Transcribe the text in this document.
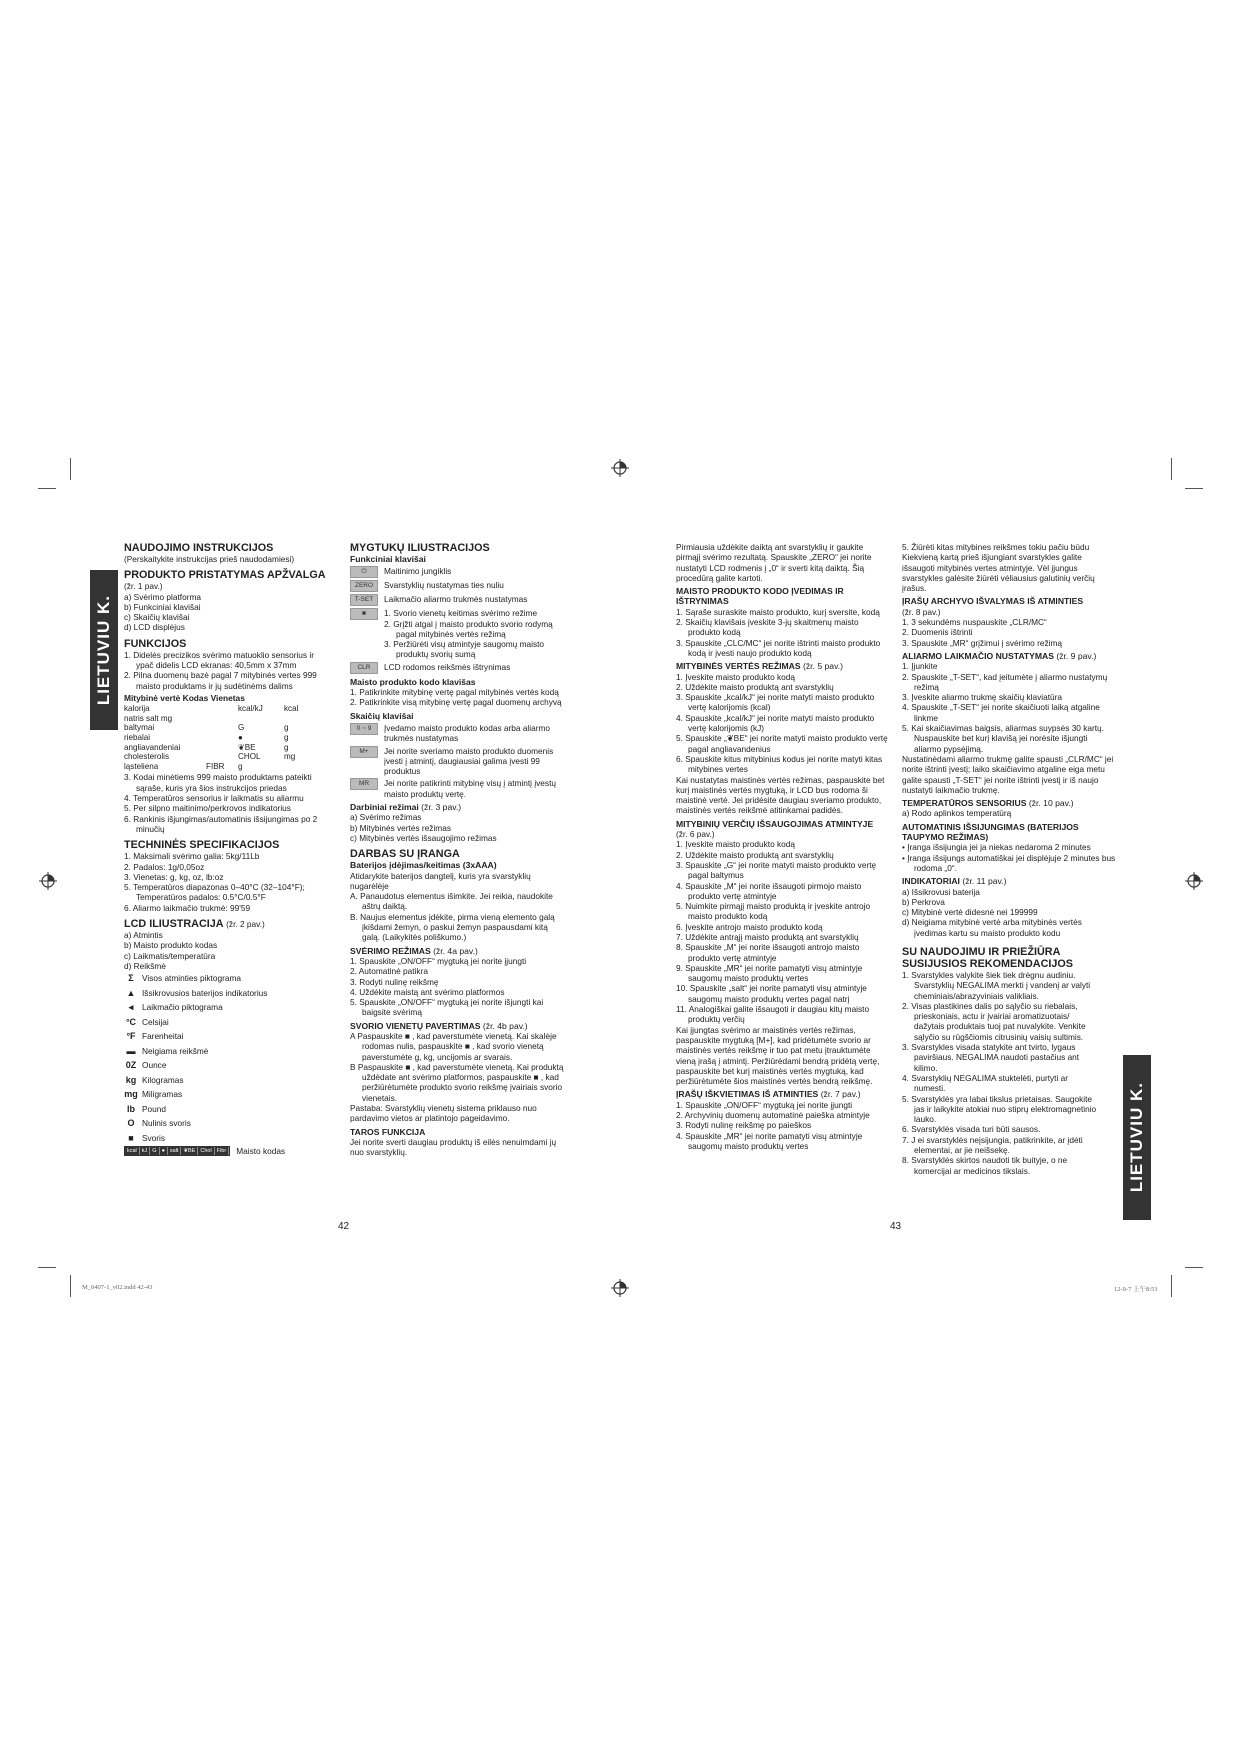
LIETUVIU K.
LIETUVIU K.
NAUDOJIMO INSTRUKCIJOS
(Perskaitykite instrukcijas prieš naudodamiesi)
PRODUKTO PRISTATYMAS APŽVALGA
(žr. 1 pav.)
a) Svėrimo platforma
b) Funkciniai klavišai
c) Skaičių klavišai
d) LCD displėjus
FUNKCIJOS
1. Didelės precizikos svėrimo matuoklio sensorius ir ypač didelis LCD ekranas: 40,5mm x 37mm
2. Pilna duomenų bazė pagal 7 mitybinės vertes 999 maisto produktams ir jų sudėtinėms dalims
Mitybinė vertė Kodas Vienetas
kalorija		kcal/kJ	kcal
natris salt mg			
baltymai		G	g
riebalai		●	g
angliavandeniai		❦BE	g
cholesterolis		CHOL	mg
ląsteliena	FIBR	g	
3. Kodai minėtiems 999 maisto produktams pateikti sąraše, kuris yra šios instrukcijos priedas
4. Temperatūros sensorius ir laikmatis su aliarmu
5. Per silpno maitinimo/perkrovos indikatorius
6. Rankinis išjungimas/automatinis išsijungimas po 2 minučių
TECHNINĖS SPECIFIKACIJOS
1. Maksimali svėrimo galia: 5kg/11Lb
2. Padalos: 1g/0,05oz
3. Vienetas: g, kg, oz, lb:oz
5. Temperatūros diapazonas 0–40°C (32–104°F); Temperatūros padalos: 0.5°C/0.5°F
6. Aliarmo laikmačio trukmė: 99'59
LCD ILIUSTRACIJA (žr. 2 pav.)
a) Atmintis
b) Maisto produkto kodas
c) Laikmatis/temperatūra
d) Reikšmė
Σ Visos atminties piktograma
▲ Išsikrovusios baterijos indikatorius
◂	Laikmačio piktograma
°C Celsijai
°F Farenheitai
▬ Neigiama reikšmė
0Z Ounce
kg Kilogramas
mg Miligramas
lb Pound
O Nulinis svoris
■ Svoris
kcal kJ G ● salt ❦BE Chol Fibr	Maisto kodas
MYGTUKŲ ILIUSTRACIJOS
Funkciniai klavišai
⏻	Maitinimo jungiklis
ZERO	Svarstyklių nustatymas ties nuliu
T-SET	Laikmačio aliarmo trukmės nustatymas
■	1. Svorio vienetų keitimas svėrimo režime
2. Grįžti atgal į maisto produkto svorio rodymą pagal mitybinės vertės režimą
3. Peržiūrėti visų atmintyje saugomų maisto produktų svorių sumą
CLR	LCD rodomos reikšmės ištrynimas
Maisto produkto kodo klavišas
1. Patikrinkite mitybinę vertę pagal mitybinės vertės kodą
2. Patikrinkite visą mitybinę vertę pagal duomenų archyvą
Skaičių klavišai
0 ~ 9	Įvedamo maisto produkto kodas arba aliarmo trukmės nustatymas
M+	Jei norite sveriamo maisto produkto duomenis įvesti į atmintį, daugiausiai galima įvesti 99 produktus
MR	Jei norite patikrinti mitybinę visų į atmintį įvestų maisto produktų vertę.
Darbiniai režimai (žr. 3 pav.)
a) Svėrimo režimas
b) Mitybinės vertės režimas
c) Mitybinės vertės išsaugojimo režimas
DARBAS SU ĮRANGA
Baterijos įdėjimas/keitimas (3xAAA)
Atidarykite baterijos dangtelį, kuris yra svarstyklių nugarėlėje
A. Panaudotus elementus išimkite. Jei reikia, naudokite aštrų daiktą.
B. Naujus elementus įdėkite, pirma vieną elemento galą įkišdami žemyn, o paskui žemyn paspausdami kitą galą. (Laikykitės poliškumo.)
SVĖRIMO REŽIMAS (žr. 4a pav.)
1. Spauskite „ON/OFF“ mygtuką jei norite įjungti
2. Automatinė patikra
3. Rodyti nulinę reikšmę
4. Uždėkite maistą ant svėrimo platformos
5. Spauskite „ON/OFF“ mygtuką jei norite išjungti kai baigsite svėrimą
SVORIO VIENETŲ PAVERTIMAS (žr. 4b pav.)
A Paspauskite ■ , kad paverstumėte vienetą. Kai skalėje rodomas nulis, paspauskite ■ , kad svorio vienetą paverstumėte g, kg, uncijomis ar svarais.
B Paspauskite ■ , kad paverstumėte vienetą. Kai produktą uždėdate ant svėrimo platformos, paspauskite ■ , kad peržiūrėtumėte produkto svorio reikšmę įvairiais svorio vienetais.
Pastaba: Svarstyklių vienetų sistema priklauso nuo pardavimo vietos ar platintojo pageidavimo.
TAROS FUNKCIJA
Jei norite sverti daugiau produktų iš eilės nenuimdami jų nuo svarstyklių.
Pirmiausia uždėkite daiktą ant svarstyklių ir gaukite pirmąjį svėrimo rezultatą. Spauskite „ZERO“ jei norite nustatyti LCD rodmenis į „0“ ir sverti kitą daiktą. Šią procedūrą galite kartoti.
MAISTO PRODUKTO KODO ĮVEDIMAS IR IŠTRYNIMAS
1. Sąraše suraskite maisto produkto, kurį sversite, kodą
2. Skaičių klavišais įveskite 3-jų skaitmenų maisto produkto kodą
3. Spauskite „CLC/MC“ jei norite ištrinti maisto produkto kodą ir įvesti naujo produkto kodą
MITYBINĖS VERTĖS REŽIMAS (žr. 5 pav.)
1. Įveskite maisto produkto kodą
2. Uždėkite maisto produktą ant svarstyklių
3. Spauskite „kcal/kJ“ jei norite matyti maisto produkto vertę kalorijomis (kcal)
4. Spauskite „kcal/kJ“ jei norite matyti maisto produkto vertę kalorijomis (kJ)
5. Spauskite „❦BE“ jei norite matyti maisto produkto vertę pagal angliavandenius
6. Spauskite kitus mitybinius kodus jei norite matyti kitas mitybines vertes
Kai nustatytas maistinės vertės režimas, paspauskite bet kurį maistinės vertės mygtuką, ir LCD bus rodoma ši maistinė vertė. Jei pridėsite daugiau sveriamo produkto, maistinės vertės reikšmė atitinkamai padidės.
MITYBINIŲ VERČIŲ IŠSAUGOJIMAS ATMINTYJE
(žr. 6 pav.)
1. Įveskite maisto produkto kodą
2. Uždėkite maisto produktą ant svarstyklių
3. Spauskite „G“ jei norite matyti maisto produkto vertę pagal baltymus
4. Spauskite „M“ jei norite išsaugoti pirmojo maisto produkto vertę atmintyje
5. Nuimkite pirmąjį maisto produktą ir įveskite antrojo maisto produkto kodą
6. Įveskite antrojo maisto produkto kodą
7. Uždėkite antrąjį maisto produktą ant svarstyklių
8. Spauskite „M“ jei norite išsaugoti antrojo maisto produkto vertę atmintyje
9. Spauskite „MR“ jei norite pamatyti visų atmintyje saugomų maisto produktų vertes
10. Spauskite „salt“ jei norite pamatyti visų atmintyje saugomų maisto produktų vertes pagal natrį
11. Analogiškai galite išsaugoti ir daugiau kitų maisto produktų verčių
Kai įjungtas svėrimo ar maistinės vertės režimas, paspauskite mygtuką [M+], kad pridėtumėte svorio ar maistinės vertės reikšmę ir tuo pat metu įtrauktumėte vieną įrašą į atmintį. Peržiūrėdami bendrą pridėtą vertę, paspauskite bet kurį maistinės vertės mygtuką, kad peržiūrėtumėte šios maistinės vertės bendrą reikšmę.
ĮRAŠŲ IŠKVIETIMAS IŠ ATMINTIES (žr. 7 pav.)
1. Spauskite „ON/OFF“ mygtuką jei norite įjungti
2. Archyvinių duomenų automatinė paieška atmintyje
3. Rodyti nulinę reikšmę po paieškos
4. Spauskite „MR“ jei norite pamatyti visų atmintyje saugomų maisto produktų vertes
5. Žiūrėti kitas mitybines reikšmes tokiu pačiu būdu
Kiekvieną kartą prieš išjungiant svarstykles galite išsaugoti mitybinės vertes atmintyje. Vėl įjungus svarstykles galėsite žiūrėti vėliausius galutinių verčių įrašus.
ĮRAŠŲ ARCHYVO IŠVALYMAS IŠ ATMINTIES
(žr. 8 pav.)
1. 3 sekundėms nuspauskite „CLR/MC“
2. Duomenis ištrinti
3. Spauskite „MR“ grįžimui į svėrimo režimą
ALIARMO LAIKMAČIO NUSTATYMAS (žr. 9 pav.)
1. Įjunkite
2. Spauskite „T-SET“, kad įeitumėte į aliarmo nustatymų režimą
3. Įveskite aliarmo trukmę skaičių klaviatūra
4. Spauskite „T-SET“ jei norite skaičiuoti laiką atgaline linkme
5. Kai skaičiavimas baigsis, aliarmas suypsės 30 kartų. Nuspauskite bet kurį klavišą jei norėsite išjungti aliarmo pypsėjimą.
Nustatinėdami aliarmo trukmę galite spausti „CLR/MC“ jei norite ištrinti įvestį; laiko skaičiavimo atgaline eiga metu galite spausti „T-SET“ jei norite ištrinti įvestį ir iš naujo nustatyti laikmačio trukmę.
TEMPERATŪROS SENSORIUS (žr. 10 pav.)
a) Rodo aplinkos temperatūrą
AUTOMATINIS IŠSIJUNGIMAS (BATERIJOS TAUPYMO REŽIMAS)
• Įranga išsijungia jei ja niekas nedaroma 2 minutes
• Įranga išsijungs automatiškai jei displėjuje 2 minutes bus rodoma „0“.
INDIKATORIAI (žr. 11 pav.)
a) Išsikrovusi baterija
b) Perkrova
c) Mitybinė vertė didesnė nei 199999
d) Neigiama mitybinė vertė arba mitybinės vertės įvedimas kartu su maisto produkto kodu
SU NAUDOJIMU IR PRIEŽIŪRA SUSIJUSIOS REKOMENDACIJOS
1. Svarstykles valykite šiek tiek drėgnu audiniu. Svarstyklių NEGALIMA merkti į vandenį ar valyti cheminiais/abrazyviniais valikliais.
2. Visas plastikines dalis po sąlyčio su riebalais, prieskoniais, actu ir įvairiai aromatizuotais/ dažytais produktais tuoj pat nuvalykite. Venkite sąlyčio su rūgščiomis citrusinių vaisių sultimis.
3. Svarstykles visada statykite ant tvirto, lygaus paviršiaus. NEGALIMA naudoti pastačius ant kilimo.
4. Svarstyklių NEGALIMA stuktelėti, purtyti ar numesti.
5. Svarstyklės yra labai tikslus prietaisas. Saugokite jas ir laikykite atokiai nuo stiprų elektromagnetinio lauko.
6. Svarstyklės visada turi būti sausos.
7. J ei svarstyklės neįsijungia, patikrinkite, ar įdėti elementai, ar jie neišsekę.
8. Svarstyklės skirtos naudoti tik buityje, o ne komercijai ar medicinos tikslais.
42	43
M_0407-1_v02.indd 42-43	12-9-7 上午8:53
